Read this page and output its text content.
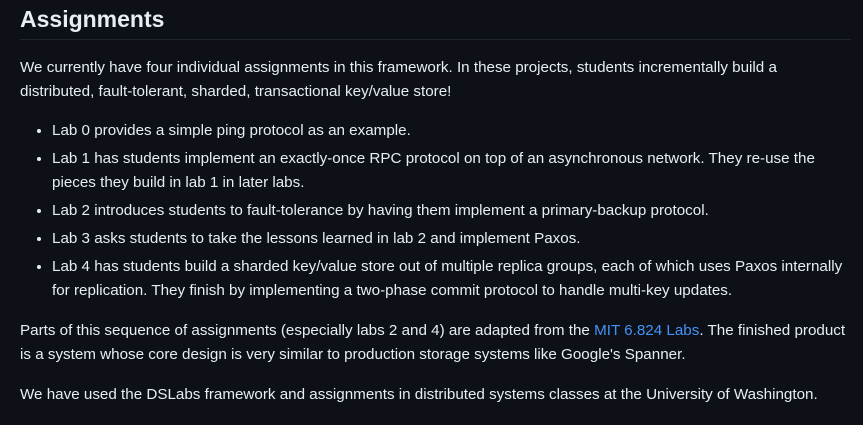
Assignments

We currently have four individual assignments in this framework. In these projects, students incrementally build a distributed, fault-tolerant, sharded, transactional key/value store!

• Lab 0 provides a simple ping protocol as an example.
• Lab 1 has students implement an exactly-once RPC protocol on top of an asynchronous network. They re-use the pieces they build in lab 1 in later labs.
• Lab 2 introduces students to fault-tolerance by having them implement a primary-backup protocol.
• Lab 3 asks students to take the lessons learned in lab 2 and implement Paxos.
• Lab 4 has students build a sharded key/value store out of multiple replica groups, each of which uses Paxos internally for replication. They finish by implementing a two-phase commit protocol to handle multi-key updates.

Parts of this sequence of assignments (especially labs 2 and 4) are adapted from the MIT 6.824 Labs. The finished product is a system whose core design is very similar to production storage systems like Google's Spanner.

We have used the DSLabs framework and assignments in distributed systems classes at the University of Washington.
